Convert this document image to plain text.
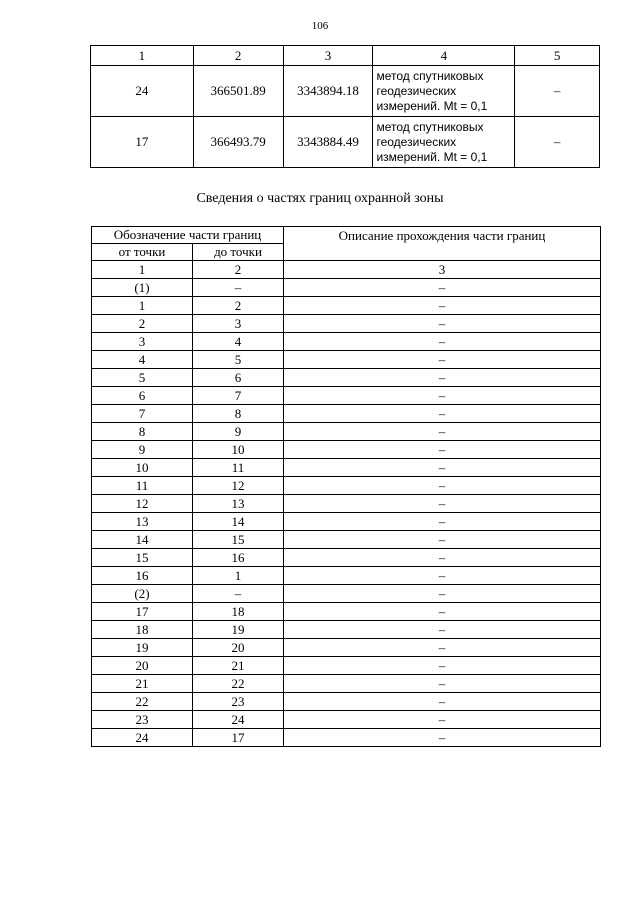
106
1	2	3	4	5
24	366501.89	3343894.18	метод спутниковых
геодезических
измерений. Mt = 0,1	–
17	366493.79	3343884.49	метод спутниковых
геодезических
измерений. Mt = 0,1	–
Сведения о частях границ охранной зоны
Обозначение части границ		Описание прохождения части границ
от точки	до точки	
1	2	3
(1)	–	–
1	2	–
2	3	–
3	4	–
4	5	–
5	6	–
6	7	–
7	8	–
8	9	–
9	10	–
10	11	–
11	12	–
12	13	–
13	14	–
14	15	–
15	16	–
16	1	–
(2)	–	–
17	18	–
18	19	–
19	20	–
20	21	–
21	22	–
22	23	–
23	24	–
24	17	–
